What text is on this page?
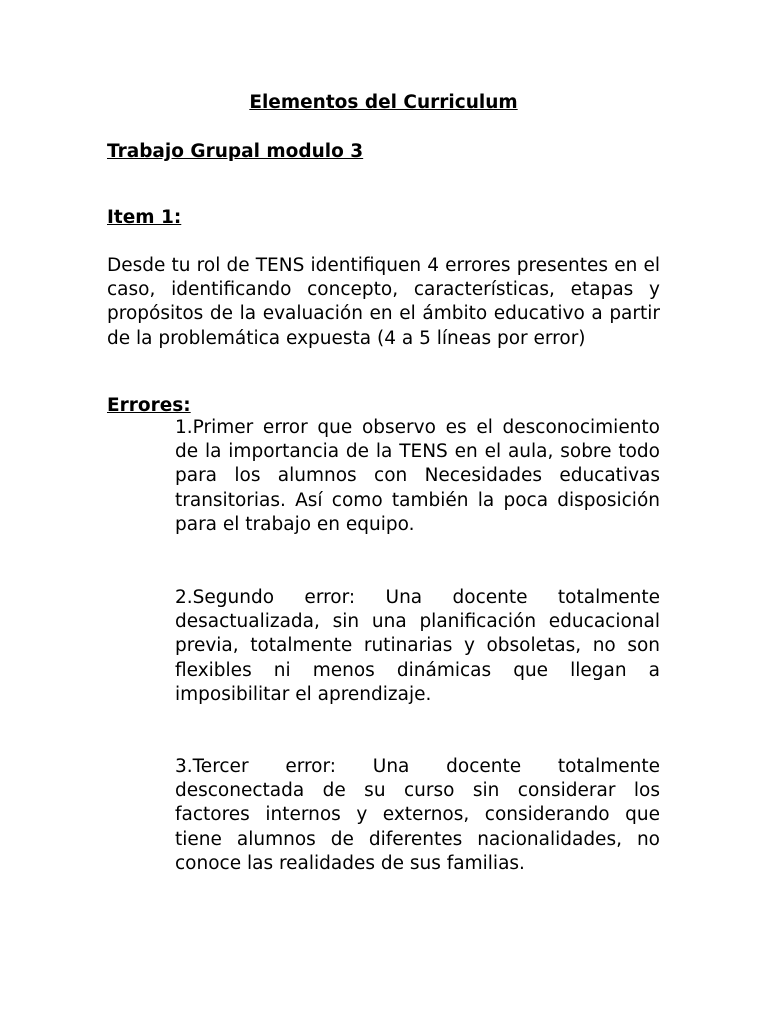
Elementos del Curriculum
Trabajo Grupal modulo 3
Item 1:

Desde tu rol de TENS identifiquen 4 errores presentes en el caso, identificando concepto, características, etapas y propósitos de la evaluación en el ámbito educativo a partir de la problemática expuesta (4 a 5 líneas por error)

Errores:

1.Primer error que observo es el desconocimiento de la importancia de la TENS en el aula, sobre todo para los alumnos con Necesidades educativas transitorias. Así como también la poca disposición para el trabajo en equipo.

2.Segundo error: Una docente totalmente desactualizada, sin una planificación educacional previa, totalmente rutinarias y obsoletas, no son flexibles ni menos dinámicas que llegan a imposibilitar el aprendizaje.

3.Tercer error: Una docente totalmente desconectada de su curso sin considerar los factores internos y externos, considerando que tiene alumnos de diferentes nacionalidades, no conoce las realidades de sus familias.
